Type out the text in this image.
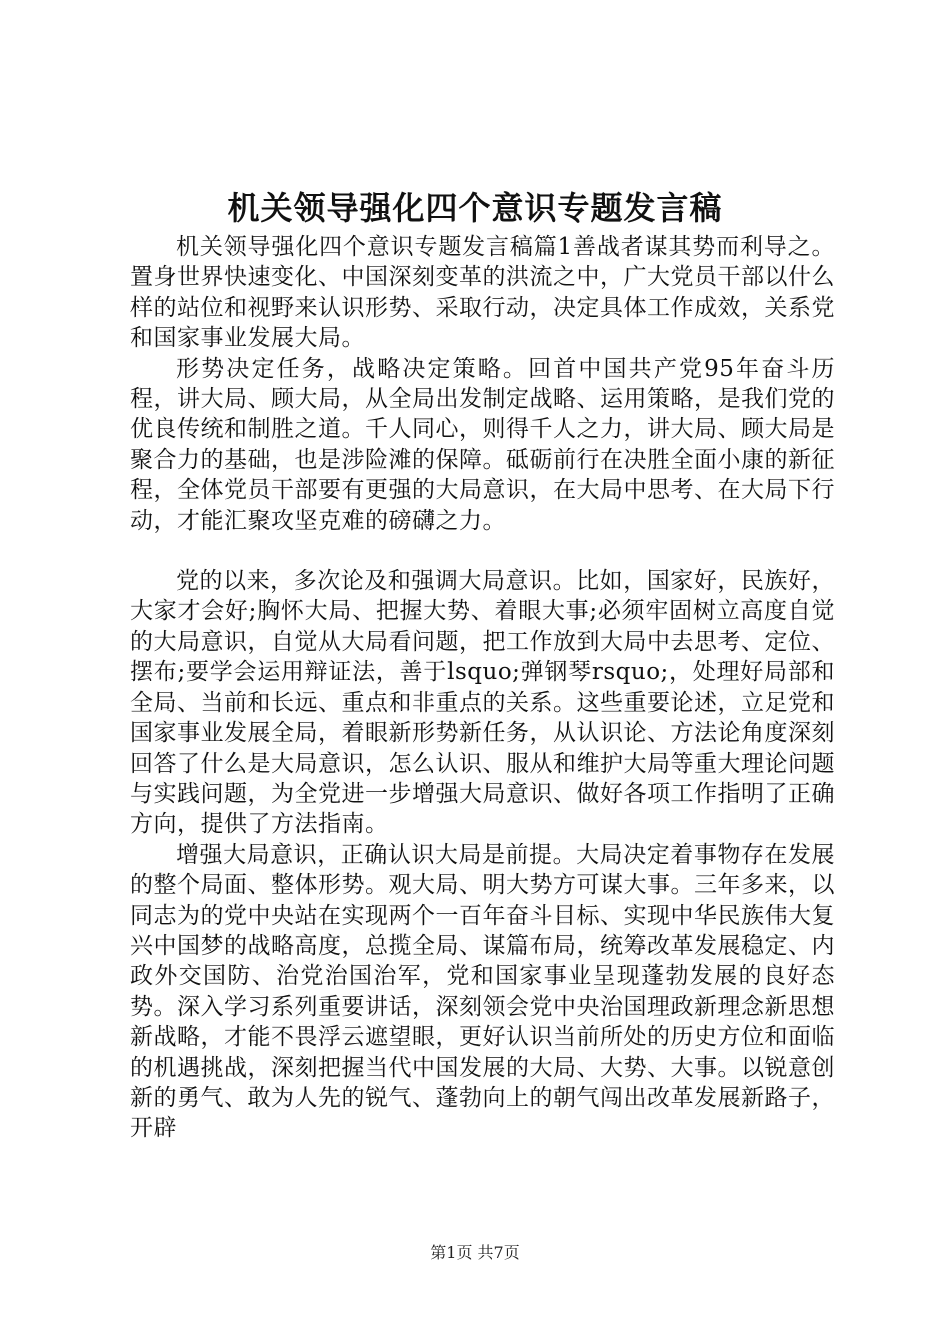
机关领导强化四个意识专题发言稿

机关领导强化四个意识专题发言稿篇1善战者谋其势而利导之。置身世界快速变化、中国深刻变革的洪流之中，广大党员干部以什么样的站位和视野来认识形势、采取行动，决定具体工作成效，关系党和国家事业发展大局。

形势决定任务，战略决定策略。回首中国共产党95年奋斗历程，讲大局、顾大局，从全局出发制定战略、运用策略，是我们党的优良传统和制胜之道。千人同心，则得千人之力，讲大局、顾大局是聚合力的基础，也是涉险滩的保障。砥砺前行在决胜全面小康的新征程，全体党员干部要有更强的大局意识，在大局中思考、在大局下行动，才能汇聚攻坚克难的磅礴之力。

党的以来，多次论及和强调大局意识。比如，国家好，民族好，大家才会好;胸怀大局、把握大势、着眼大事;必须牢固树立高度自觉的大局意识，自觉从大局看问题，把工作放到大局中去思考、定位、摆布;要学会运用辩证法，善于lsquo;弹钢琴rsquo;，处理好局部和全局、当前和长远、重点和非重点的关系。这些重要论述，立足党和国家事业发展全局，着眼新形势新任务，从认识论、方法论角度深刻回答了什么是大局意识，怎么认识、服从和维护大局等重大理论问题与实践问题，为全党进一步增强大局意识、做好各项工作指明了正确方向，提供了方法指南。

增强大局意识，正确认识大局是前提。大局决定着事物存在发展的整个局面、整体形势。观大局、明大势方可谋大事。三年多来，以同志为的党中央站在实现两个一百年奋斗目标、实现中华民族伟大复兴中国梦的战略高度，总揽全局、谋篇布局，统筹改革发展稳定、内政外交国防、治党治国治军，党和国家事业呈现蓬勃发展的良好态势。深入学习系列重要讲话，深刻领会党中央治国理政新理念新思想新战略，才能不畏浮云遮望眼，更好认识当前所处的历史方位和面临的机遇挑战，深刻把握当代中国发展的大局、大势、大事。以锐意创新的勇气、敢为人先的锐气、蓬勃向上的朝气闯出改革发展新路子，开辟

第1页 共7页
